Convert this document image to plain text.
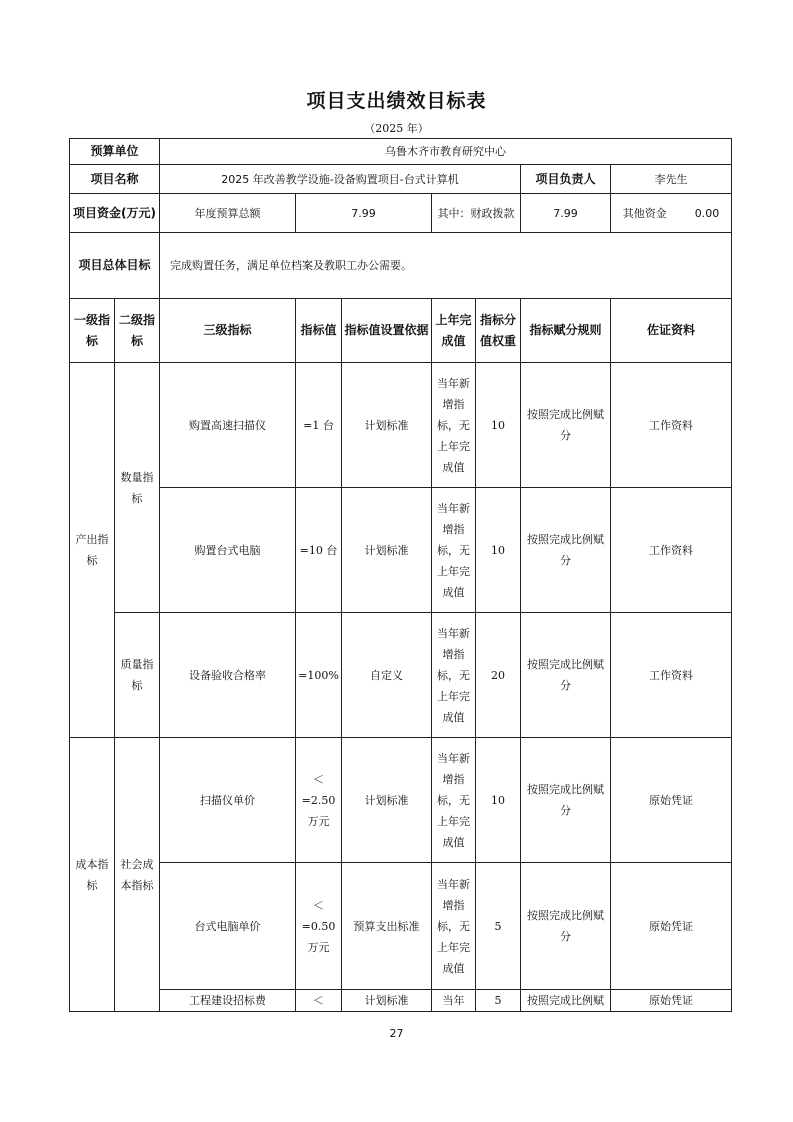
项目支出绩效目标表
（2025 年）
预算单位		乌鲁木齐市教育研究中心						
项目名称		2025 年改善教学设施-设备购置项目-台式计算机					项目负责人	李先生
项目资金(万元)		年度预算总额	7.99		其中：财政拨款		7.99	其他资金 0.00
项目总体目标		完成购置任务，满足单位档案及教职工办公需要。						
一级指标	二级指标	三级指标	指标值	指标值设置依据	上年完成值	指标分值权重	指标赋分规则	佐证资料
产出指标	数量指标	购置高速扫描仪	=1 台	计划标准	当年新增指标，无上年完成值	10	按照完成比例赋分	工作资料
		购置台式电脑	=10 台	计划标准	当年新增指标，无上年完成值	10	按照完成比例赋分	工作资料
	质量指标	设备验收合格率	=100%	自定义	当年新增指标，无上年完成值	20	按照完成比例赋分	工作资料
成本指标	社会成本指标	扫描仪单价	＜=2.50 万元	计划标准	当年新增指标，无上年完成值	10	按照完成比例赋分	原始凭证
		台式电脑单价	＜=0.50 万元	预算支出标准	当年新增指标，无上年完成值	5	按照完成比例赋分	原始凭证
		工程建设招标费	＜	计划标准	当年	5	按照完成比例赋	原始凭证
27
